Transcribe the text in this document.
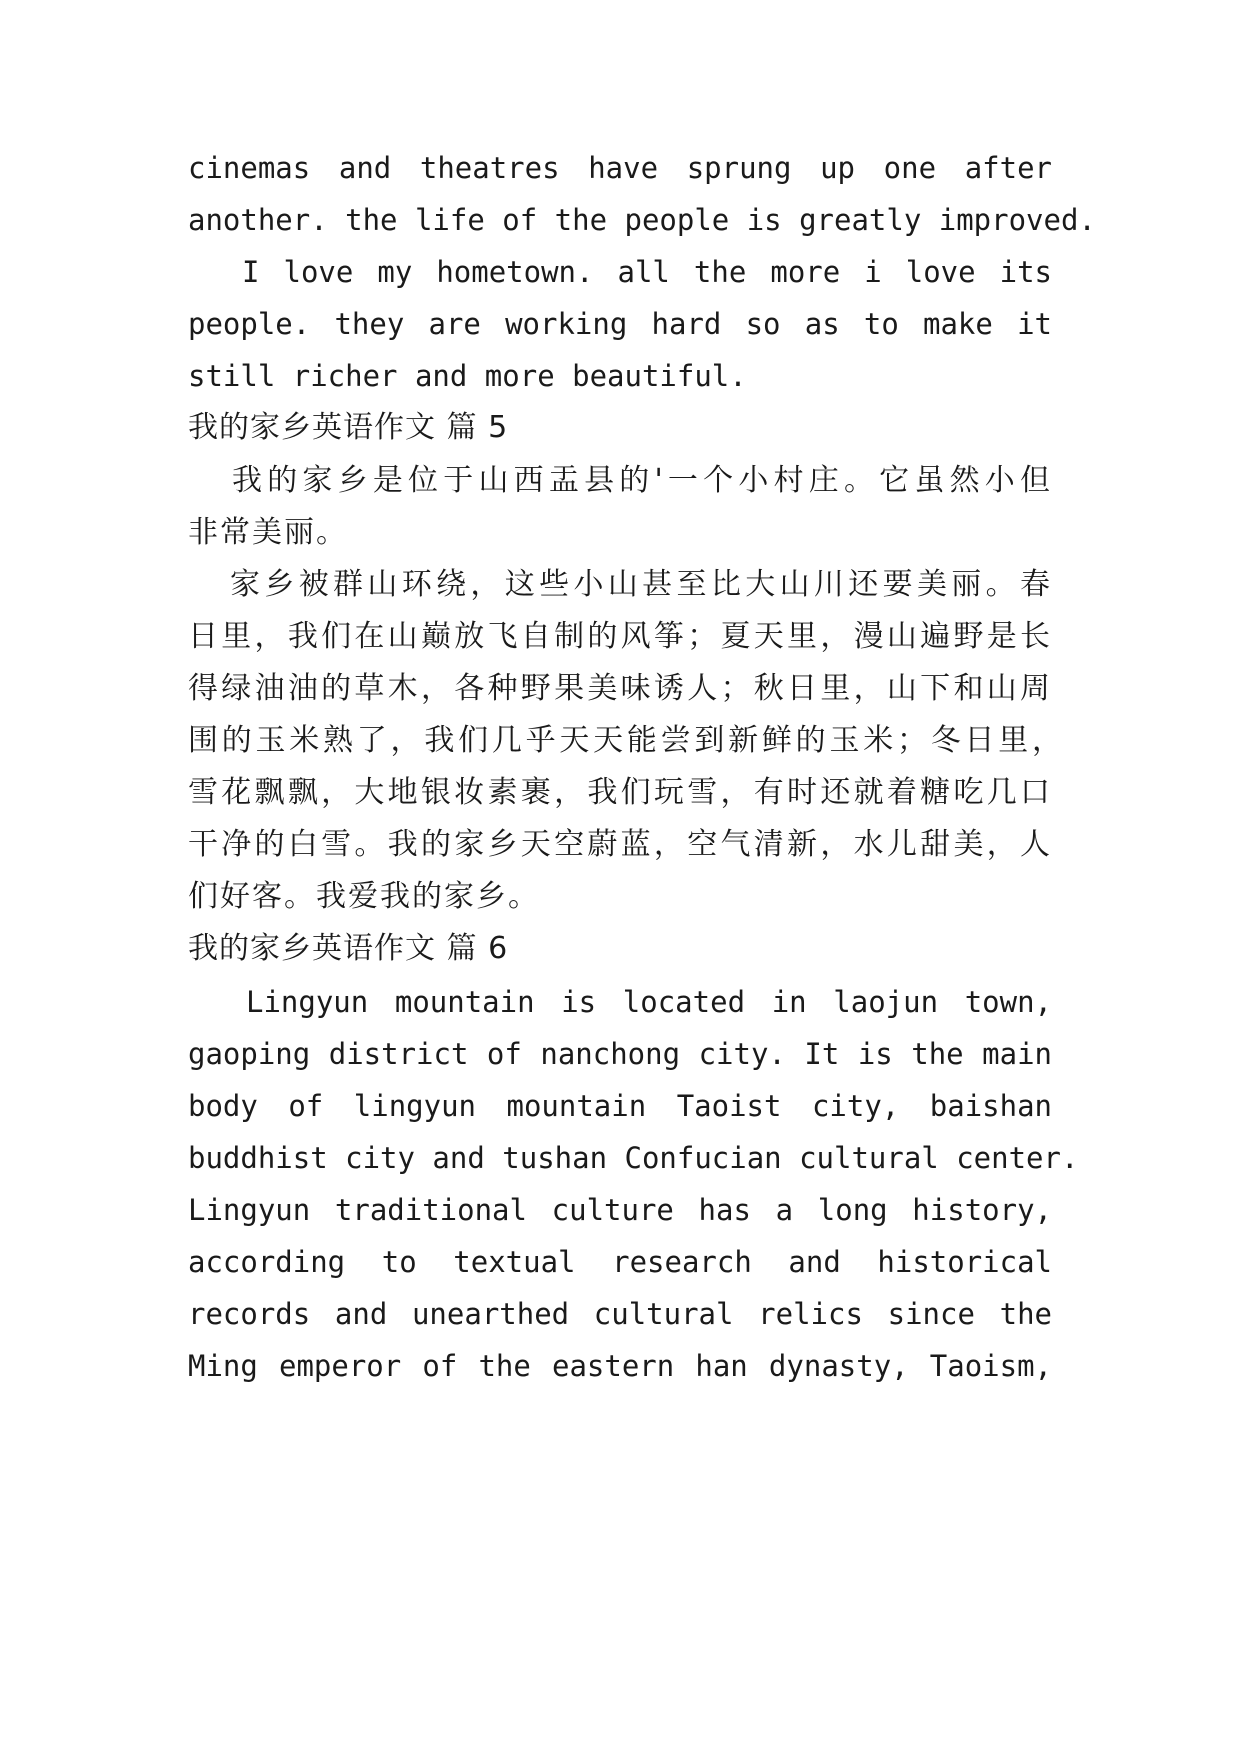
cinemas and theatres have sprung up one after
another. the life of the people is greatly improved.
I love my hometown. all the more i love its
people. they are working hard so as to make it
still richer and more beautiful.
我的家乡英语作文 篇 5
我的家乡是位于山西盂县的'一个小村庄。它虽然小但
非常美丽。
家乡被群山环绕，这些小山甚至比大山川还要美丽。春
日里，我们在山巅放飞自制的风筝；夏天里，漫山遍野是长
得绿油油的草木，各种野果美味诱人；秋日里，山下和山周
围的玉米熟了，我们几乎天天能尝到新鲜的玉米；冬日里，
雪花飘飘，大地银妆素裹，我们玩雪，有时还就着糖吃几口
干净的白雪。我的家乡天空蔚蓝，空气清新，水儿甜美，人
们好客。我爱我的家乡。
我的家乡英语作文 篇 6
Lingyun mountain is located in laojun town,
gaoping district of nanchong city. It is the main
body of lingyun mountain Taoist city, baishan
buddhist city and tushan Confucian cultural center.
Lingyun traditional culture has a long history,
according to textual research and historical
records and unearthed cultural relics since the
Ming emperor of the eastern han dynasty, Taoism,
